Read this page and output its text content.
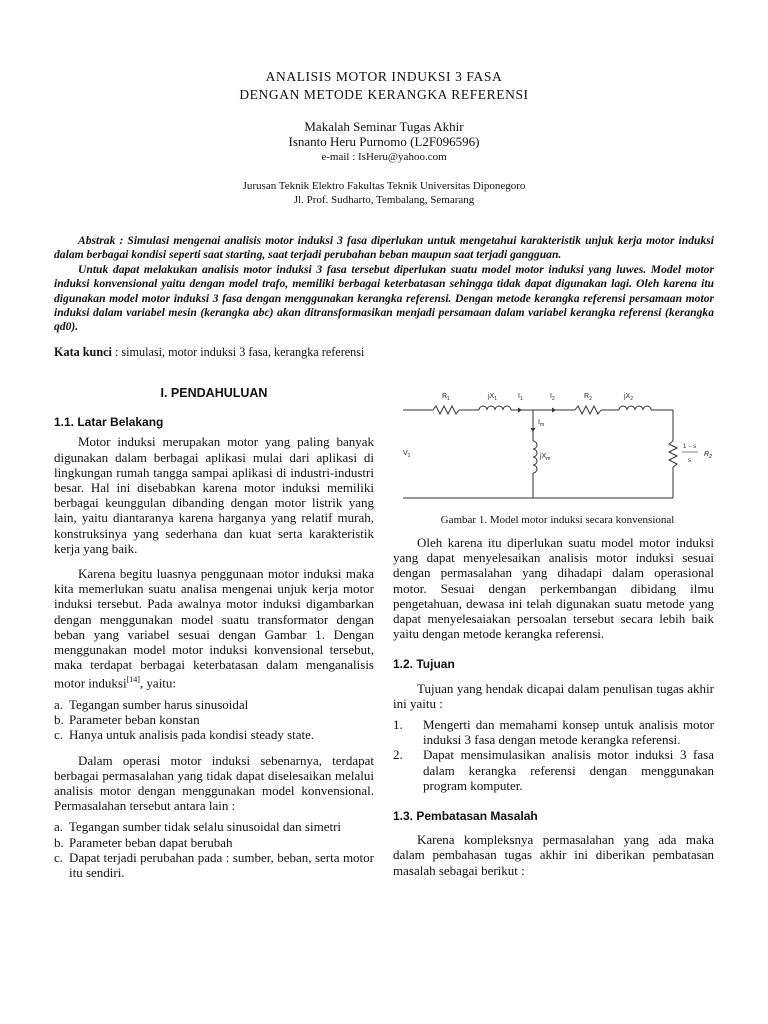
ANALISIS MOTOR INDUKSI 3 FASA
DENGAN METODE KERANGKA REFERENSI
Makalah Seminar Tugas Akhir
Isnanto Heru Purnomo (L2F096596)
e-mail : IsHeru@yahoo.com
Jurusan Teknik Elektro Fakultas Teknik Universitas Diponegoro
Jl. Prof. Sudharto, Tembalang, Semarang

Abstrak : Simulasi mengenai analisis motor induksi 3 fasa diperlukan untuk mengetahui karakteristik unjuk kerja motor induksi dalam berbagai kondisi seperti saat starting, saat terjadi perubahan beban maupun saat terjadi gangguan.

Untuk dapat melakukan analisis motor induksi 3 fasa tersebut diperlukan suatu model motor induksi yang luwes. Model motor induksi konvensional yaitu dengan model trafo, memiliki berbagai keterbatasan sehingga tidak dapat digunakan lagi. Oleh karena itu digunakan model motor induksi 3 fasa dengan menggunakan kerangka referensi. Dengan metode kerangka referensi persamaan motor induksi dalam variabel mesin (kerangka abc) akan ditransformasikan menjadi persamaan dalam variabel kerangka referensi (kerangka qd0).

Kata kunci : simulasi, motor induksi 3 fasa, kerangka referensi
I. PENDAHULUAN
1.1. Latar Belakang

Motor induksi merupakan motor yang paling banyak digunakan dalam berbagai aplikasi mulai dari aplikasi di lingkungan rumah tangga sampai aplikasi di industri-industri besar. Hal ini disebabkan karena motor induksi memiliki berbagai keunggulan dibanding dengan motor listrik yang lain, yaitu diantaranya karena harganya yang relatif murah, konstruksinya yang sederhana dan kuat serta karakteristik kerja yang baik.

Karena begitu luasnya penggunaan motor induksi maka kita memerlukan suatu analisa mengenai unjuk kerja motor induksi tersebut. Pada awalnya motor induksi digambarkan dengan menggunakan model suatu transformator dengan beban yang variabel sesuai dengan Gambar 1. Dengan menggunakan model motor induksi konvensional tersebut, maka terdapat berbagai keterbatasan dalam menganalisis motor induksi[14], yaitu:

a. Tegangan sumber harus sinusoidal
b. Parameter beban konstan
c. Hanya untuk analisis pada kondisi steady state.

Dalam operasi motor induksi sebenarnya, terdapat berbagai permasalahan yang tidak dapat diselesaikan melalui analisis motor dengan menggunakan model konvensional. Permasalahan tersebut antara lain :

a. Tegangan sumber tidak selalu sinusoidal dan simetri
b. Parameter beban dapat berubah
c. Dapat terjadi perubahan pada : sumber, beban, serta motor itu sendiri.
$R_1$	$jX_1$	$I_1$	$I_2$	$R_2$	$jX_2$
$I_m$
$jX_m$
$V_1$
1 − s
s
$R_2$
Gambar 1. Model motor induksi secara konvensional

Oleh karena itu diperlukan suatu model motor induksi yang dapat menyelesaikan analisis motor induksi sesuai dengan permasalahan yang dihadapi dalam operasional motor. Sesuai dengan perkembangan dibidang ilmu pengetahuan, dewasa ini telah digunakan suatu metode yang dapat menyelesaiakan persoalan tersebut secara lebih baik yaitu dengan metode kerangka referensi.

1.2. Tujuan

Tujuan yang hendak dicapai dalam penulisan tugas akhir ini yaitu :

1. Mengerti dan memahami konsep untuk analisis motor induksi 3 fasa dengan metode kerangka referensi.
2. Dapat mensimulasikan analisis motor induksi 3 fasa dalam kerangka referensi dengan menggunakan program komputer.
1.3. Pembatasan Masalah

Karena kompleksnya permasalahan yang ada maka dalam pembahasan tugas akhir ini diberikan pembatasan masalah sebagai berikut :
